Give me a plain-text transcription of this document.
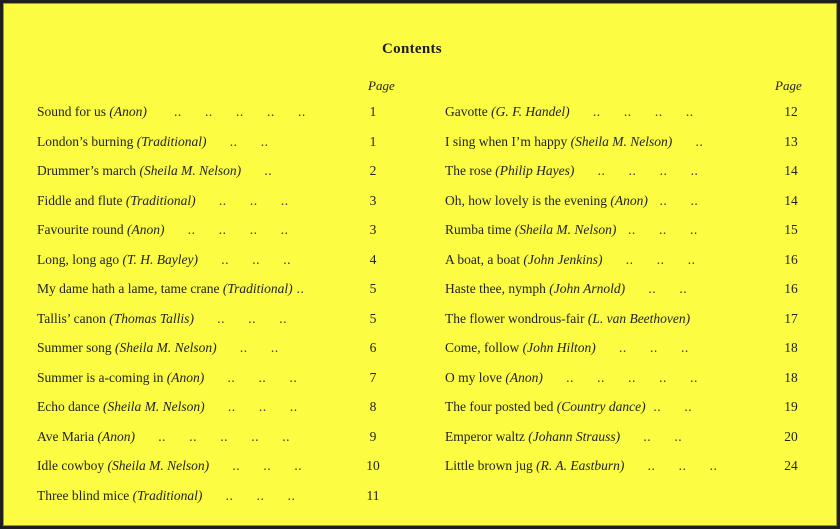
Contents
Page	Page
Sound for us (Anon)       ..      ..      ..      ..      ..	1
London’s burning (Traditional)      ..      ..	1
Drummer’s march (Sheila M. Nelson)      ..	2
Fiddle and flute (Traditional)      ..      ..      ..	3
Favourite round (Anon)      ..      ..      ..      ..	3
Long, long ago (T. H. Bayley)      ..      ..      ..	4
My dame hath a lame, tame crane (Traditional) ..	5
Tallis’ canon (Thomas Tallis)      ..      ..      ..	5
Summer song (Sheila M. Nelson)      ..      ..	6
Summer is a-coming in (Anon)      ..      ..      ..	7
Echo dance (Sheila M. Nelson)      ..      ..      ..	8
Ave Maria (Anon)      ..      ..      ..      ..      ..	9
Idle cowboy (Sheila M. Nelson)      ..      ..      ..	10
Three blind mice (Traditional)      ..      ..      ..	11
Gavotte (G. F. Handel)      ..      ..      ..      ..	12
I sing when I’m happy (Sheila M. Nelson)      ..	13
The rose (Philip Hayes)      ..      ..      ..      ..	14
Oh, how lovely is the evening (Anon)   ..      ..	14
Rumba time (Sheila M. Nelson)   ..      ..      ..	15
A boat, a boat (John Jenkins)      ..      ..      ..	16
Haste thee, nymph (John Arnold)      ..      ..	16
The flower wondrous-fair (L. van Beethoven)	17
Come, follow (John Hilton)      ..      ..      ..	18
O my love (Anon)      ..      ..      ..      ..      ..	18
The four posted bed (Country dance)  ..      ..	19
Emperor waltz (Johann Strauss)      ..      ..	20
Little brown jug (R. A. Eastburn)      ..      ..      ..	24
